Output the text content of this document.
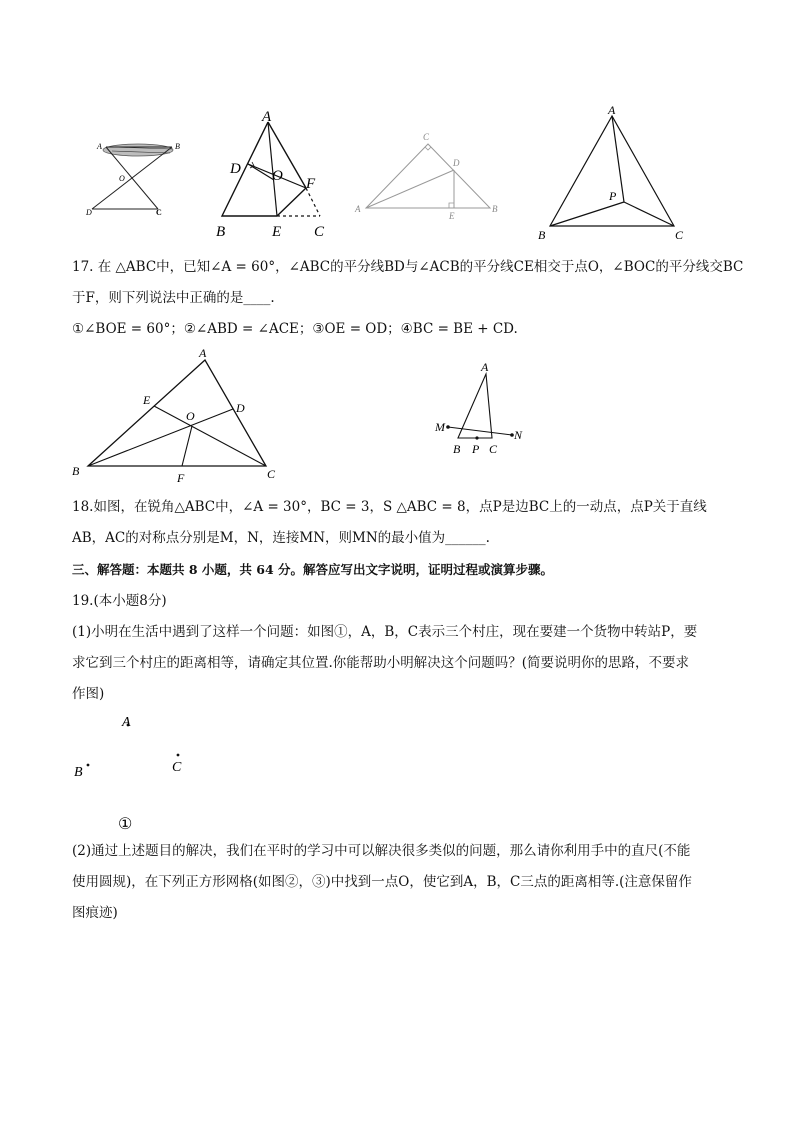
A	B
O
D	C
A
D O F
B	E C
C
D
A
E
B
A
P
B	C
17. 在 △ABC中，已知∠A = 60°，∠ABC的平分线BD与∠ACB的平分线CE相交于点O，∠BOC的平分线交BC
于F，则下列说法中正确的是____.
①∠BOE = 60°；②∠ABD = ∠ACE；③OE = OD；④BC = BE + CD.
A
E
O
D
B	F	C
A
M
N
B P C
18.如图，在锐角△ABC中，∠A = 30°，BC = 3，S △ABC = 8，点P是边BC上的一动点，点P关于直线
AB，AC的对称点分别是M，N，连接MN，则MN的最小值为______.
三、解答题：本题共 8 小题，共 64 分。解答应写出文字说明，证明过程或演算步骤。
19.(本小题8分)
(1)小明在生活中遇到了这样一个问题：如图①，A，B，C表示三个村庄，现在要建一个货物中转站P，要
求它到三个村庄的距离相等，请确定其位置.你能帮助小明解决这个问题吗？(简要说明你的思路，不要求
作图)
A
B	C
①
(2)通过上述题目的解决，我们在平时的学习中可以解决很多类似的问题，那么请你利用手中的直尺(不能
使用圆规)，在下列正方形网格(如图②，③)中找到一点O，使它到A，B，C三点的距离相等.(注意保留作
图痕迹)
